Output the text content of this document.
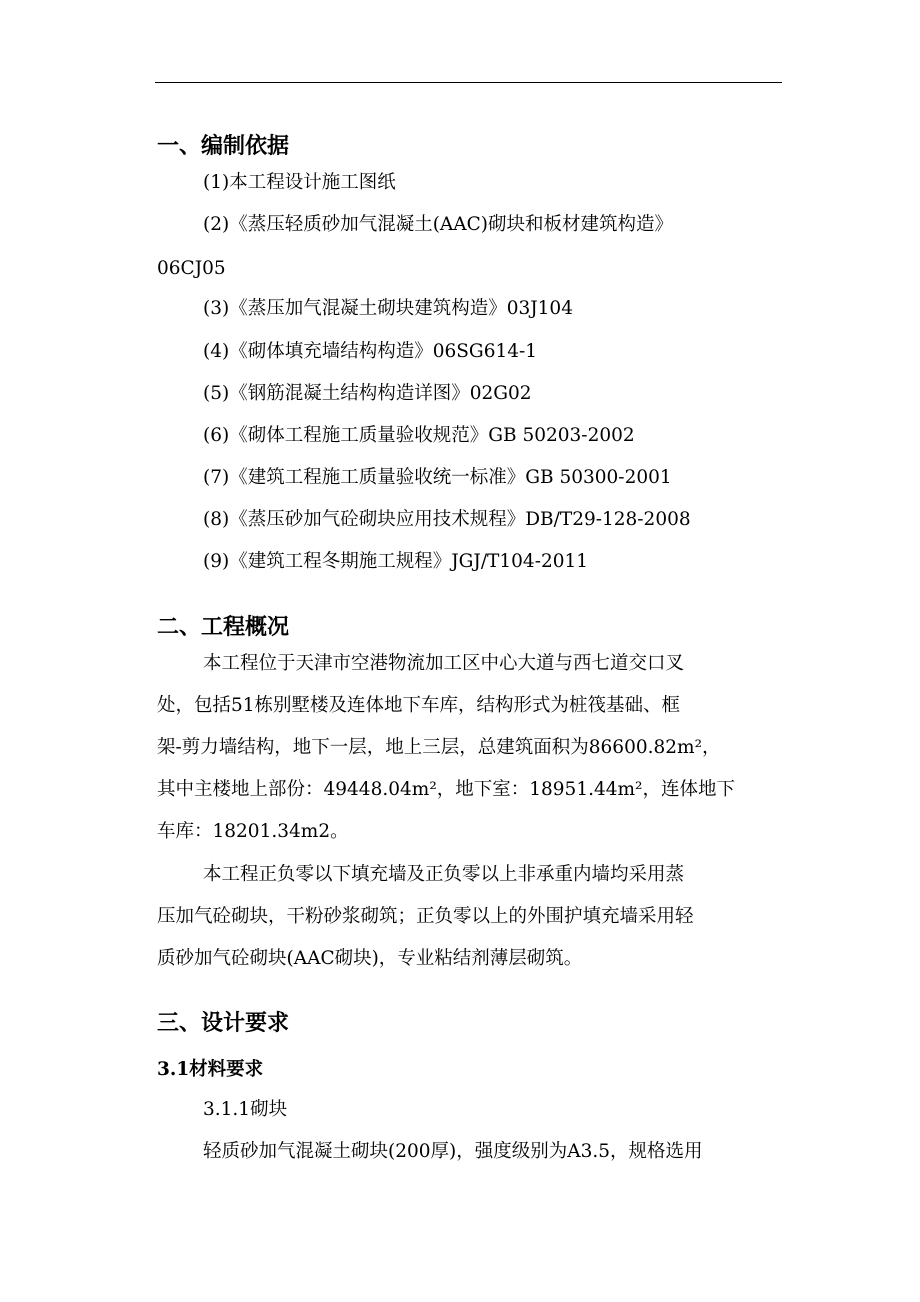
一、编制依据
(1)本工程设计施工图纸
(2)《蒸压轻质砂加气混凝土(AAC)砌块和板材建筑构造》
06CJ05
(3)《蒸压加气混凝土砌块建筑构造》03J104
(4)《砌体填充墙结构构造》06SG614-1
(5)《钢筋混凝土结构构造详图》02G02
(6)《砌体工程施工质量验收规范》GB 50203-2002
(7)《建筑工程施工质量验收统一标准》GB 50300-2001
(8)《蒸压砂加气砼砌块应用技术规程》DB/T29-128-2008
(9)《建筑工程冬期施工规程》JGJ/T104-2011
二、工程概况
本工程位于天津市空港物流加工区中心大道与西七道交口叉
处，包括51栋别墅楼及连体地下车库，结构形式为桩筏基础、框
架-剪力墙结构，地下一层，地上三层，总建筑面积为86600.82m²，
其中主楼地上部份：49448.04m²，地下室：18951.44m²，连体地下
车库：18201.34m2。
本工程正负零以下填充墙及正负零以上非承重内墙均采用蒸
压加气砼砌块，干粉砂浆砌筑；正负零以上的外围护填充墙采用轻
质砂加气砼砌块(AAC砌块)，专业粘结剂薄层砌筑。
三、设计要求
3.1材料要求
3.1.1砌块
轻质砂加气混凝土砌块(200厚)，强度级别为A3.5，规格选用
